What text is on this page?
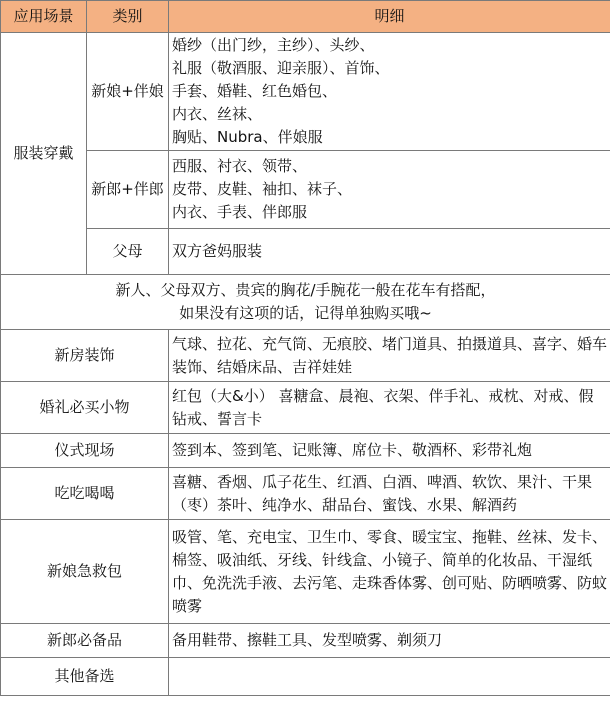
应用场景	类别	明细
服装穿戴	新娘+伴娘	婚纱（出门纱，主纱）、头纱、
礼服（敬酒服、迎亲服）、首饰、
手套、婚鞋、红色婚包、
内衣、丝袜、
胸贴、Nubra、伴娘服

	新郎+伴郎	西服、衬衣、领带、
皮带、皮鞋、袖扣、袜子、
内衣、手表、伴郎服

	父母	双方爸妈服装

新人、父母双方、贵宾的胸花/手腕花一般在花车有搭配，
如果没有这项的话，记得单独购买哦~		

新房装饰		气球、拉花、充气筒、无痕胶、堵门道具、拍摄道具、喜字、婚车装饰、结婚床品、吉祥娃娃

婚礼必买小物		红包（大&小） 喜糖盒、晨袍、衣架、伴手礼、戒枕、对戒、假钻戒、誓言卡

仪式现场		签到本、签到笔、记账簿、席位卡、敬酒杯、彩带礼炮

吃吃喝喝		喜糖、香烟、瓜子花生、红酒、白酒、啤酒、软饮、果汁、干果（枣）茶叶、纯净水、甜品台、蜜饯、水果、解酒药

新娘急救包		吸管、笔、充电宝、卫生巾、零食、暖宝宝、拖鞋、丝袜、发卡、棉签、吸油纸、牙线、针线盒、小镜子、简单的化妆品、干湿纸巾、免洗洗手液、去污笔、走珠香体雾、创可贴、防晒喷雾、防蚊喷雾

新郎必备品		备用鞋带、擦鞋工具、发型喷雾、剃须刀

其他备选		
